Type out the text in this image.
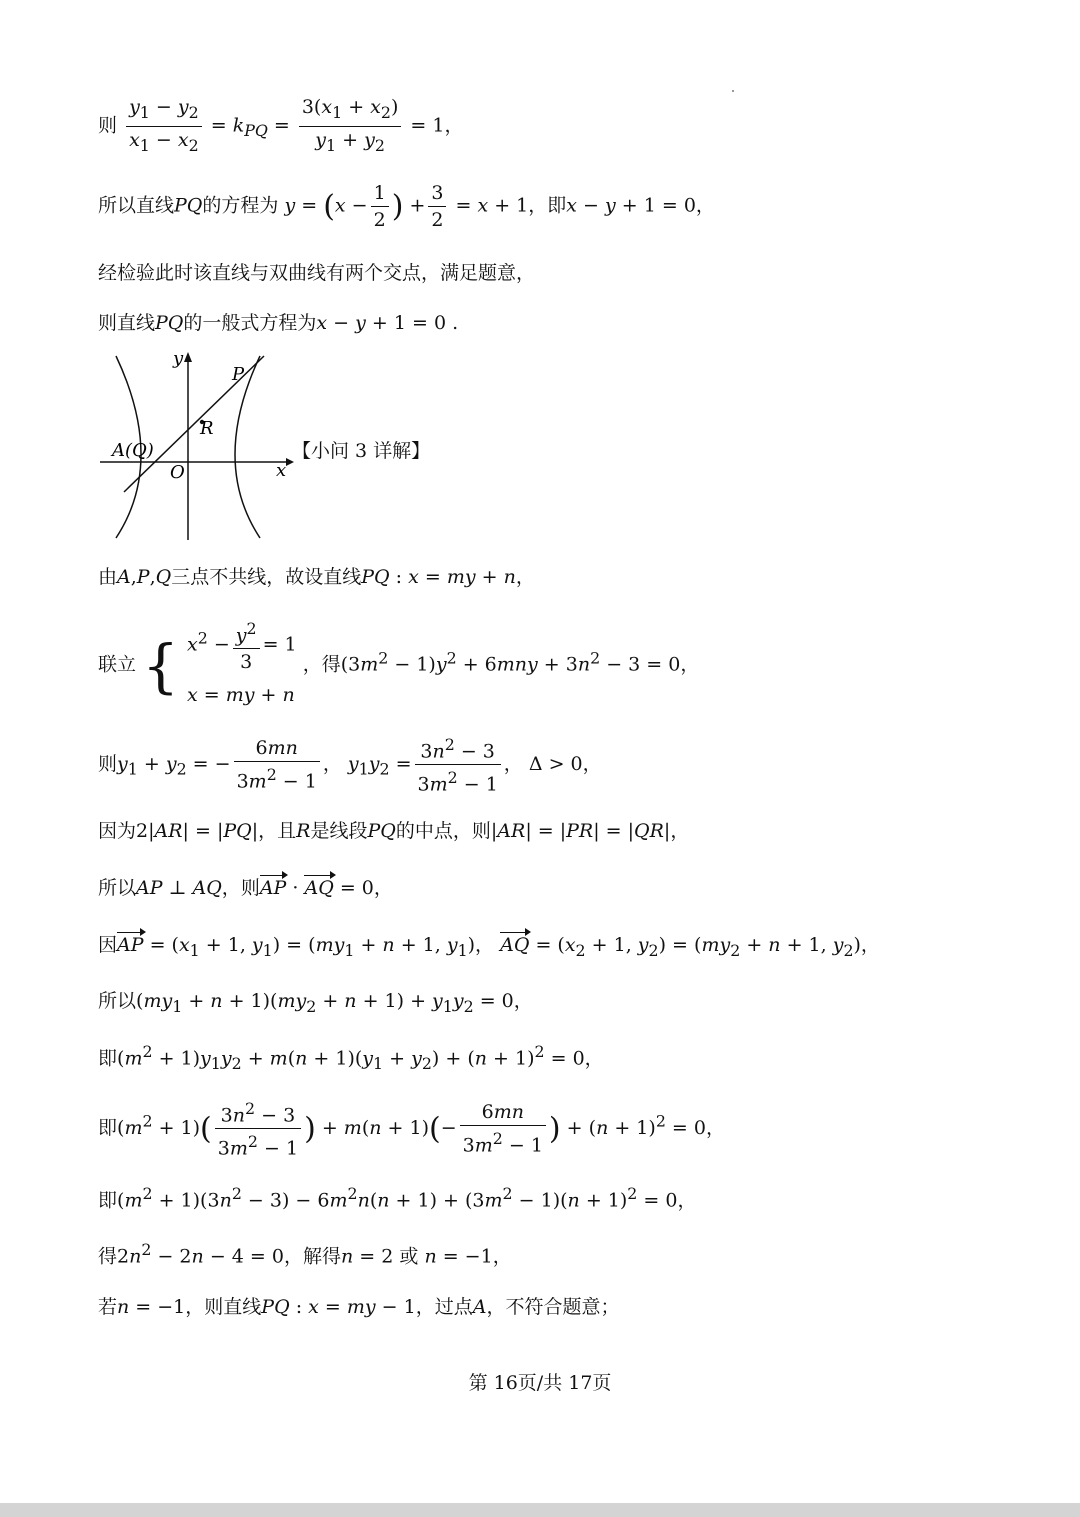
则 $\frac{y_1 - y_2}{x_1 - x_2} = k_{PQ} = \frac{3(x_1 + x_2)}{y_1 + y_2} = 1$，
所以直线PQ的方程为 $y = (x - \frac{1}{2}$ ) + $\frac{3}{2} = x + 1$，即x − y + 1 = 0，
经检验此时该直线与双曲线有两个交点，满足题意，
则直线PQ的一般式方程为x − y + 1 = 0 .
y
x
P
R
A(Q)
O
【小问 3 详解】
由A,P,Q三点不共线，故设直线PQ : x = my + n，
联立 { $x^2 - \frac{y^2}{3} = 1$
x = my + n
，得$(3m^2 - 1)y^2 + 6mny + 3n^2 - 3 = 0$，
则$y_1 + y_2$ = − $\frac{6mn}{3m^2 - 1}$ ， $y_1y_2 = \frac{3n^2 - 3}{3m^2 - 1}$ ， Δ > 0，
因为2|AR| = |PQ|，且R是线段PQ的中点，则|AR| = |PR| = |QR|，
所以AP ⊥ AQ，则AP · AQ = 0，
因AP = ($x_1 + 1$, $y_1) = (my_1 + n + 1$, $y_1$)， AQ = ($x_2 + 1$, $y_2) = (my_2 + n + 1$, $y_2$)，
所以$(my_1 + n + 1)(my_2 + n + 1) + y_1y_2 = 0$，
即$(m^2 + 1)y_1y_2 + m(n + 1)(y_1 + y_2) + (n + 1)^2 = 0$，
即$(m^2 + 1)( \frac{3n^2 - 3}{3m^2 - 1}$ ) + $m(n + 1)(- \frac{6mn}{3m^2 - 1}$ ) + $(n + 1)^2 = 0$，
即$(m^2 + 1)(3n^2 - 3) - 6m^2n(n + 1) + (3m^2 - 1)(n + 1)^2 = 0$，
得$2n^2 - 2n - 4 = 0$，解得n = 2 或 n = −1，
若n = −1，则直线PQ : x = my − 1，过点A，不符合题意；
第 16页/共 17页
